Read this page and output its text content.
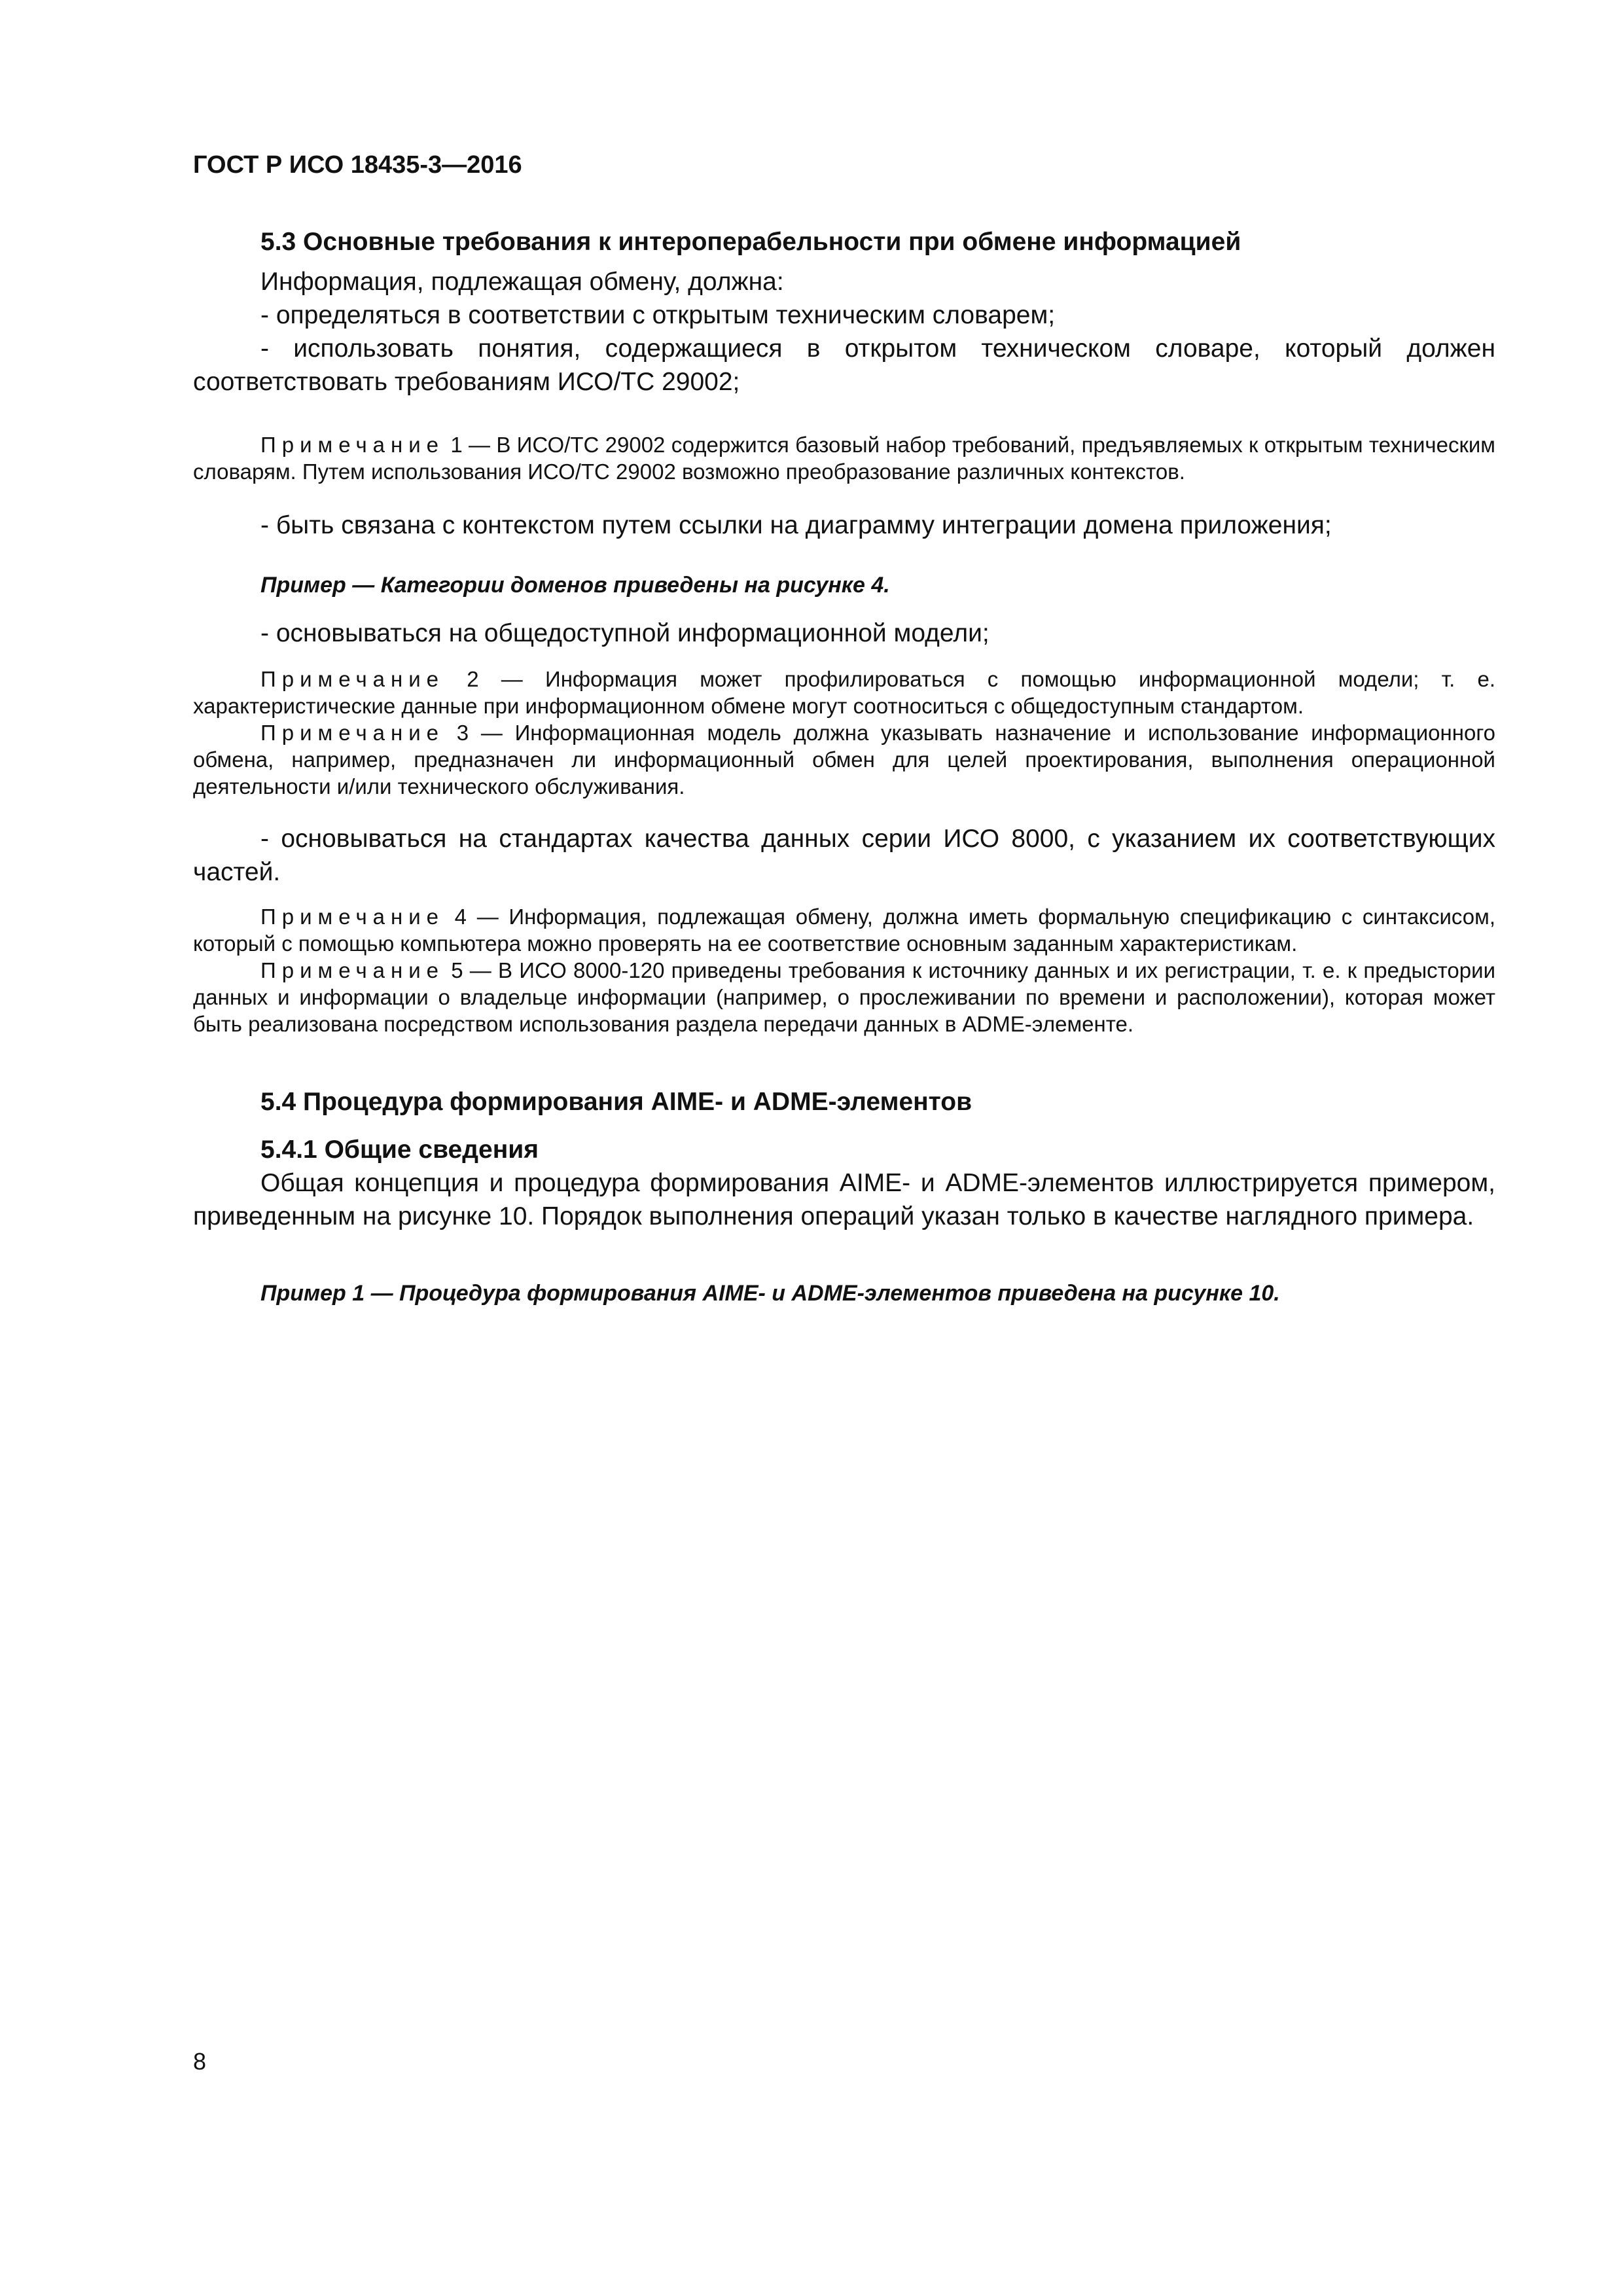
ГОСТ Р ИСО 18435-3—2016
5.3 Основные требования к интероперабельности при обмене информацией

Информация, подлежащая обмену, должна:

- определяться в соответствии с открытым техническим словарем;

- использовать понятия, содержащиеся в открытом техническом словаре, который должен соответствовать требованиям ИСО/ТС 29002;

Примечание 1 — В ИСО/ТС 29002 содержится базовый набор требований, предъявляемых к открытым техническим словарям. Путем использования ИСО/ТС 29002 возможно преобразование различных контекстов.

- быть связана с контекстом путем ссылки на диаграмму интеграции домена приложения;

Пример — Категории доменов приведены на рисунке 4.

- основываться на общедоступной информационной модели;

Примечание 2 — Информация может профилироваться с помощью информационной модели; т. е. характеристические данные при информационном обмене могут соотноситься с общедоступным стандартом.

Примечание 3 — Информационная модель должна указывать назначение и использование информационного обмена, например, предназначен ли информационный обмен для целей проектирования, выполнения операционной деятельности и/или технического обслуживания.

- основываться на стандартах качества данных серии ИСО 8000, с указанием их соответствующих частей.

Примечание 4 — Информация, подлежащая обмену, должна иметь формальную спецификацию с синтаксисом, который с помощью компьютера можно проверять на ее соответствие основным заданным характеристикам.

Примечание 5 — В ИСО 8000-120 приведены требования к источнику данных и их регистрации, т. е. к предыстории данных и информации о владельце информации (например, о прослеживании по времени и расположении), которая может быть реализована посредством использования раздела передачи данных в ADME-элементе.

5.4 Процедура формирования AIME- и ADME-элементов
5.4.1 Общие сведения

Общая концепция и процедура формирования AIME- и ADME-элементов иллюстрируется примером, приведенным на рисунке 10. Порядок выполнения операций указан только в качестве наглядного примера.

Пример 1 — Процедура формирования AIME- и ADME-элементов приведена на рисунке 10.

8
